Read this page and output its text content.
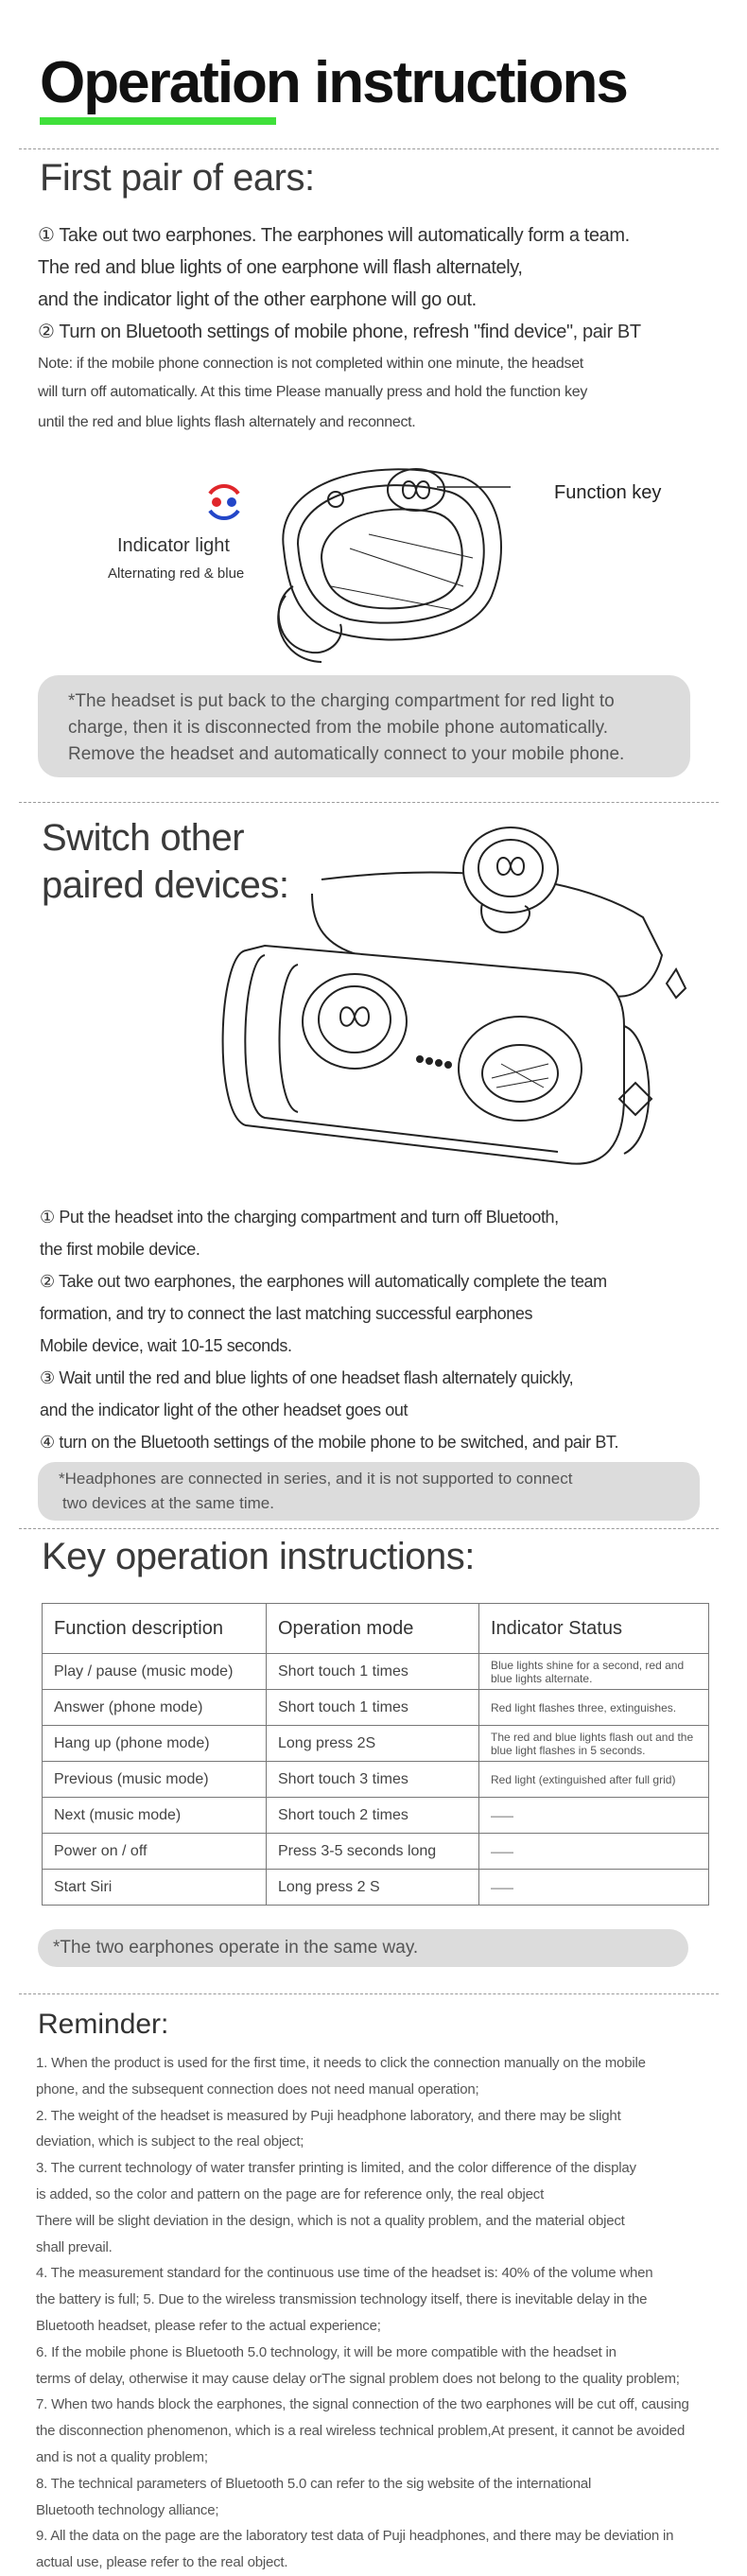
Operation instructions
First pair of ears:
① Take out two earphones. The earphones will automatically form a team.
The red and blue lights of one earphone will flash alternately,
and the indicator light of the other earphone will go out.
② Turn on Bluetooth settings of mobile phone, refresh "find device", pair BT
Note: if the mobile phone connection is not completed within one minute, the headset
will turn off automatically. At this time Please manually press and hold the function key
until the red and blue lights flash alternately and reconnect.
Function key
Indicator light
Alternating red & blue
*The headset is put back to the charging compartment for red light to
charge, then it is disconnected from the mobile phone automatically.
Remove the headset and automatically connect to your mobile phone.
Switch other
paired devices:
① Put the headset into the charging compartment and turn off Bluetooth,
the first mobile device.
② Take out two earphones, the earphones will automatically complete the team
formation, and try to connect the last matching successful earphones
Mobile device, wait 10-15 seconds.
③ Wait until the red and blue lights of one headset flash alternately quickly,
and the indicator light of the other headset goes out
④ turn on the Bluetooth settings of the mobile phone to be switched, and pair BT.
*Headphones are connected in series, and it is not supported to connect
two devices at the same time.
Key operation instructions:
Function description	Operation mode	Indicator Status
Play / pause (music mode)	Short touch 1 times	Blue lights shine for a second, red and blue lights alternate.
Answer (phone mode)	Short touch 1 times	Red light flashes three, extinguishes.
Hang up (phone mode)	Long press 2S	The red and blue lights flash out and the blue light flashes in 5 seconds.
Previous (music mode)	Short touch 3 times	Red light (extinguished after full grid)
Next (music mode)	Short touch 2 times	——
Power on / off	Press 3-5 seconds long	——
Start Siri	Long press 2 S	——
*The two earphones operate in the same way.
Reminder:
1. When the product is used for the first time, it needs to click the connection manually on the mobile
phone, and the subsequent connection does not need manual operation;
2. The weight of the headset is measured by Puji headphone laboratory, and there may be slight
deviation, which is subject to the real object;
3. The current technology of water transfer printing is limited, and the color difference of the display
is added, so the color and pattern on the page are for reference only, the real object
There will be slight deviation in the design, which is not a quality problem, and the material object
shall prevail.
4. The measurement standard for the continuous use time of the headset is: 40% of the volume when
the battery is full; 5. Due to the wireless transmission technology itself, there is inevitable delay in the
Bluetooth headset, please refer to the actual experience;
6. If the mobile phone is Bluetooth 5.0 technology, it will be more compatible with the headset in
terms of delay, otherwise it may cause delay orThe signal problem does not belong to the quality problem;
7. When two hands block the earphones, the signal connection of the two earphones will be cut off, causing
the disconnection phenomenon, which is a real wireless technical problem,At present, it cannot be avoided
and is not a quality problem;
8. The technical parameters of Bluetooth 5.0 can refer to the sig website of the international
Bluetooth technology alliance;
9. All the data on the page are the laboratory test data of Puji headphones, and there may be deviation in
actual use, please refer to the real object.
